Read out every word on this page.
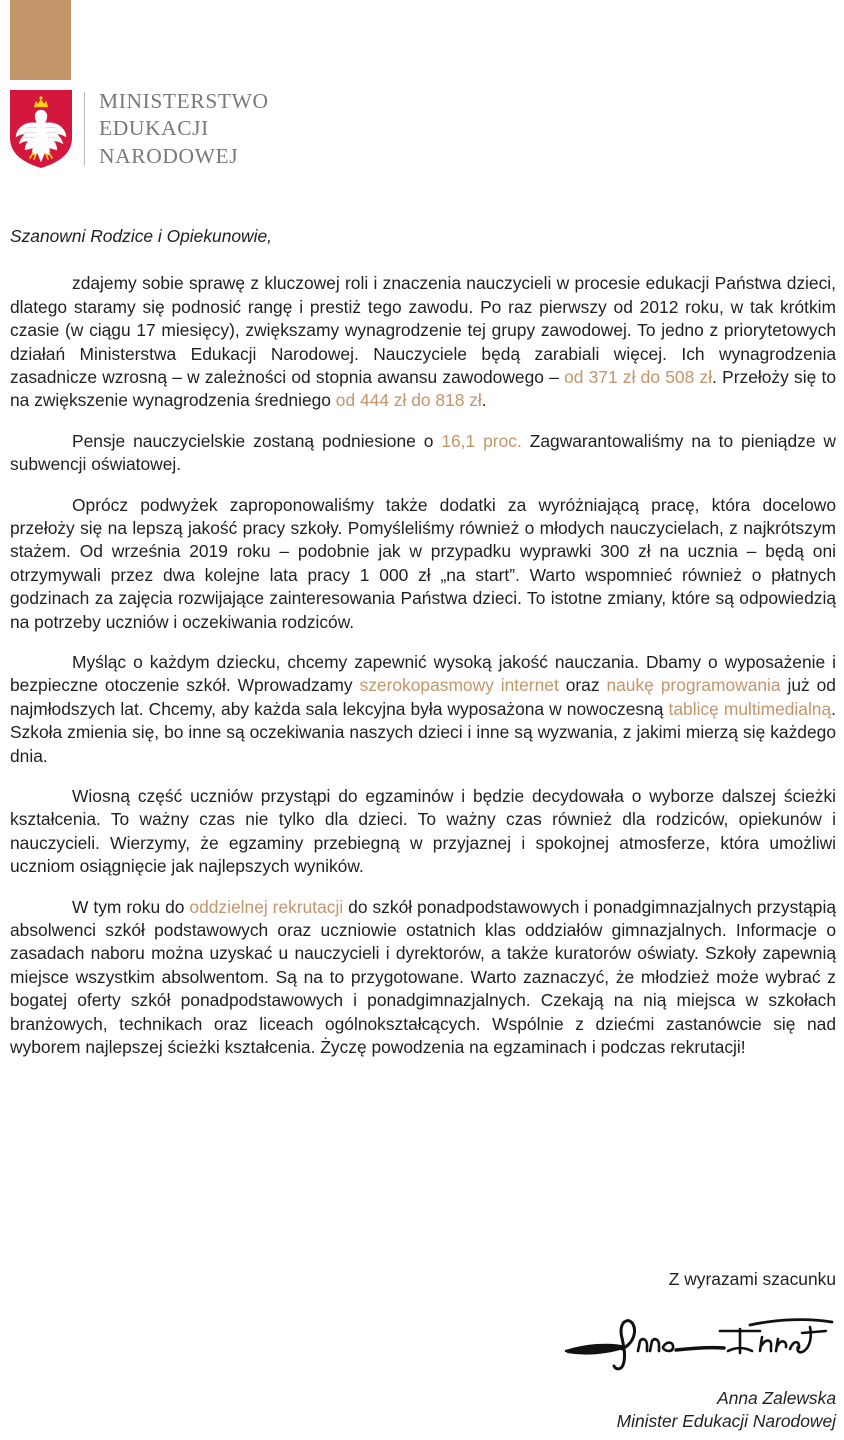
MINISTERSTWO
EDUKACJI
NARODOWEJ

Szanowni Rodzice i Opiekunowie,

zdajemy sobie sprawę z kluczowej roli i znaczenia nauczycieli w procesie edukacji Państwa dzieci, dlatego staramy się podnosić rangę i prestiż tego zawodu. Po raz pierwszy od 2012 roku, w tak krótkim czasie (w ciągu 17 miesięcy), zwiększamy wynagrodzenie tej grupy zawodowej. To jedno z priorytetowych działań Ministerstwa Edukacji Narodowej. Nauczyciele będą zarabiali więcej. Ich wynagrodzenia zasadnicze wzrosną – w zależności od stopnia awansu zawodowego – od 371 zł do 508 zł. Przełoży się to na zwiększenie wynagrodzenia średniego od 444 zł do 818 zł.

Pensje nauczycielskie zostaną podniesione o 16,1 proc. Zagwarantowaliśmy na to pieniądze w subwencji oświatowej.

Oprócz podwyżek zaproponowaliśmy także dodatki za wyróżniającą pracę, która docelowo przełoży się na lepszą jakość pracy szkoły. Pomyśleliśmy również o młodych nauczycielach, z najkrótszym stażem. Od września 2019 roku – podobnie jak w przypadku wyprawki 300 zł na ucznia – będą oni otrzymywali przez dwa kolejne lata pracy 1 000 zł „na start”. Warto wspomnieć również o płatnych godzinach za zajęcia rozwijające zainteresowania Państwa dzieci. To istotne zmiany, które są odpowiedzią na potrzeby uczniów i oczekiwania rodziców.

Myśląc o każdym dziecku, chcemy zapewnić wysoką jakość nauczania. Dbamy o wyposażenie i bezpieczne otoczenie szkół. Wprowadzamy szerokopasmowy internet oraz naukę programowania już od najmłodszych lat. Chcemy, aby każda sala lekcyjna była wyposażona w nowoczesną tablicę multimedialną. Szkoła zmienia się, bo inne są oczekiwania naszych dzieci i inne są wyzwania, z jakimi mierzą się każdego dnia.

Wiosną część uczniów przystąpi do egzaminów i będzie decydowała o wyborze dalszej ścieżki kształcenia. To ważny czas nie tylko dla dzieci. To ważny czas również dla rodziców, opiekunów i nauczycieli. Wierzymy, że egzaminy przebiegną w przyjaznej i spokojnej atmosferze, która umożliwi uczniom osiągnięcie jak najlepszych wyników.

W tym roku do oddzielnej rekrutacji do szkół ponadpodstawowych i ponadgimnazjalnych przystąpią absolwenci szkół podstawowych oraz uczniowie ostatnich klas oddziałów gimnazjalnych. Informacje o zasadach naboru można uzyskać u nauczycieli i dyrektorów, a także kuratorów oświaty. Szkoły zapewnią miejsce wszystkim absolwentom. Są na to przygotowane. Warto zaznaczyć, że młodzież może wybrać z bogatej oferty szkół ponadpodstawowych i ponadgimnazjalnych. Czekają na nią miejsca w szkołach branżowych, technikach oraz liceach ogólnokształcących. Wspólnie z dziećmi zastanówcie się nad wyborem najlepszej ścieżki kształcenia. Życzę powodzenia na egzaminach i podczas rekrutacji!

Z wyrazami szacunku

Anna Zalewska

Minister Edukacji Narodowej
